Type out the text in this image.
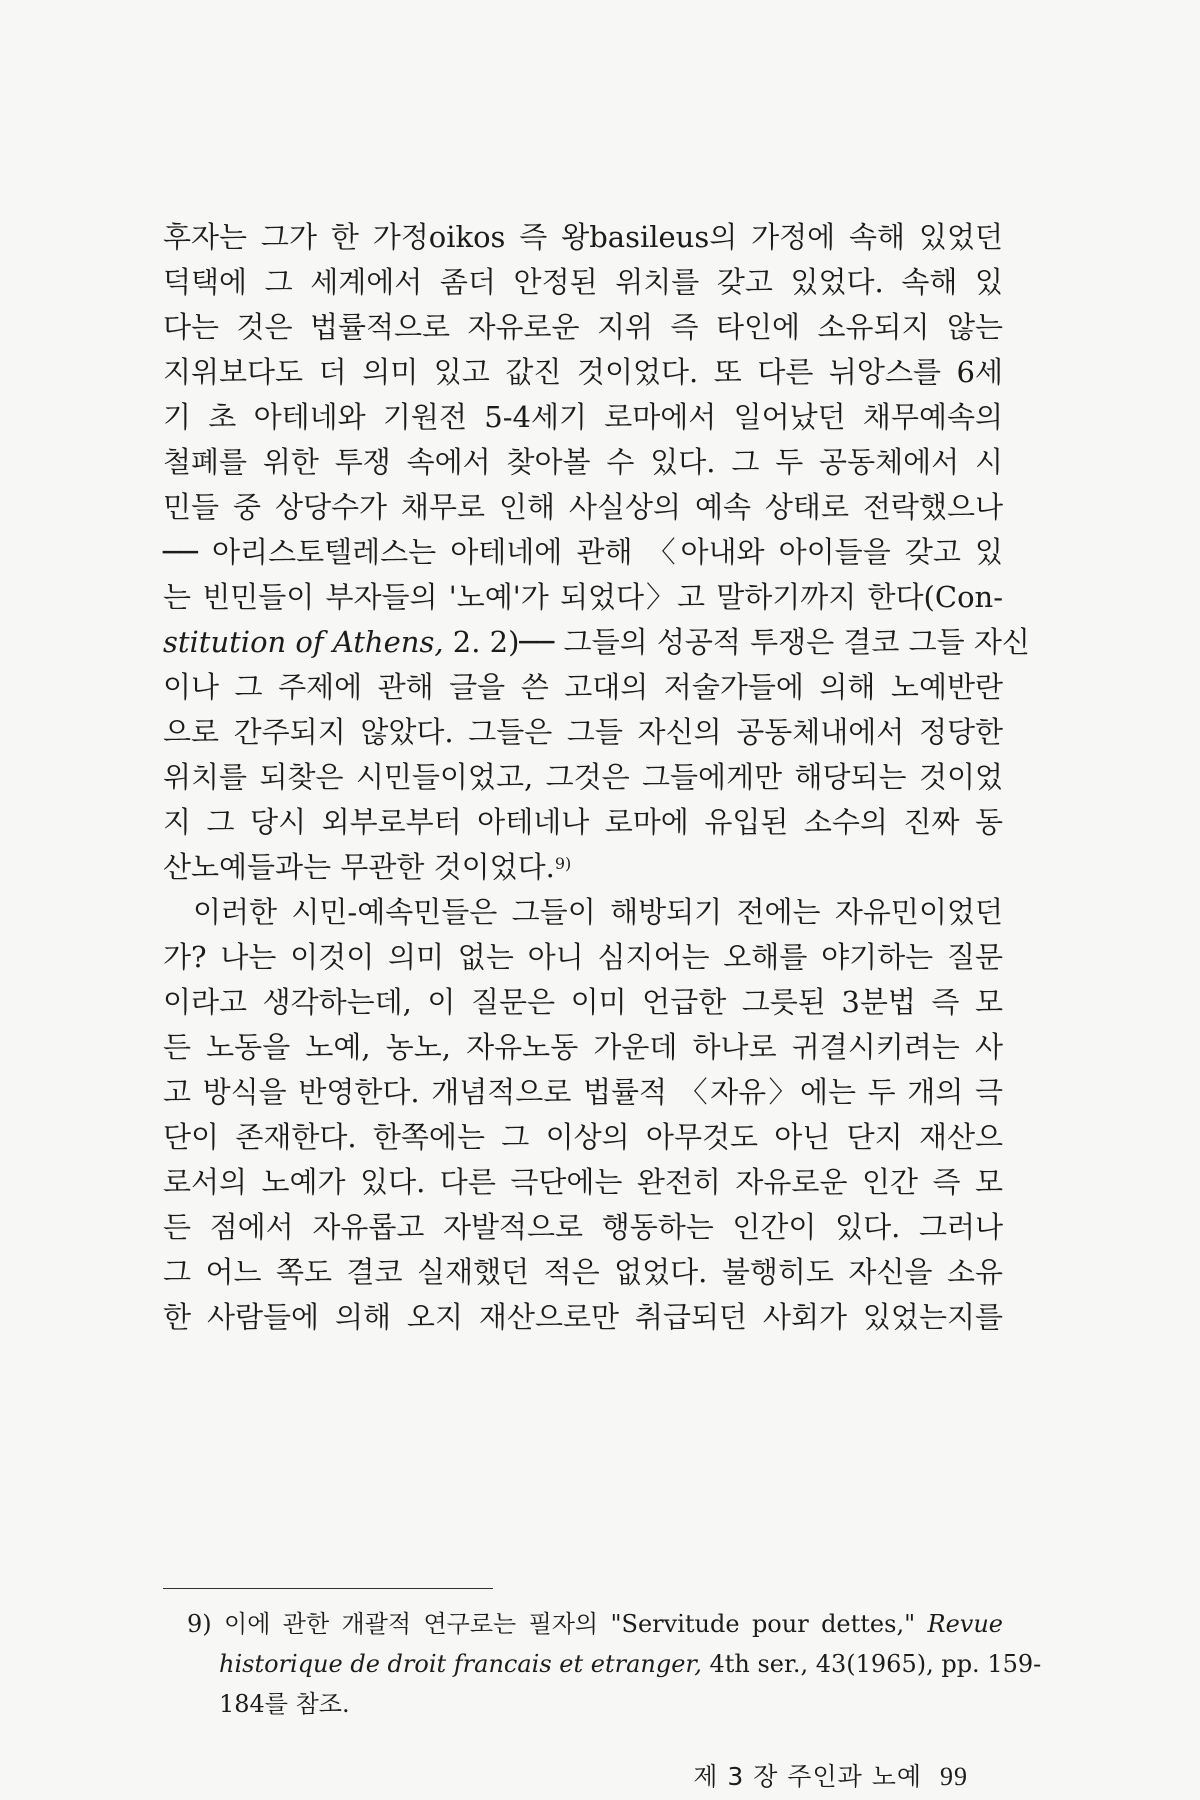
후자는 그가 한 가정oikos 즉 왕basileus의 가정에 속해 있었던
덕택에 그 세계에서 좀더 안정된 위치를 갖고 있었다. 속해 있
다는 것은 법률적으로 자유로운 지위 즉 타인에 소유되지 않는
지위보다도 더 의미 있고 값진 것이었다. 또 다른 뉘앙스를 6세
기 초 아테네와 기원전 5-4세기 로마에서 일어났던 채무예속의
철폐를 위한 투쟁 속에서 찾아볼 수 있다. 그 두 공동체에서 시
민들 중 상당수가 채무로 인해 사실상의 예속 상태로 전락했으나
── 아리스토텔레스는 아테네에 관해 〈아내와 아이들을 갖고 있
는 빈민들이 부자들의 '노예'가 되었다〉고 말하기까지 한다(Con-
stitution of Athens, 2. 2)── 그들의 성공적 투쟁은 결코 그들 자신
이나 그 주제에 관해 글을 쓴 고대의 저술가들에 의해 노예반란
으로 간주되지 않았다. 그들은 그들 자신의 공동체내에서 정당한
위치를 되찾은 시민들이었고, 그것은 그들에게만 해당되는 것이었
지 그 당시 외부로부터 아테네나 로마에 유입된 소수의 진짜 동
산노예들과는 무관한 것이었다.$^{9)}$
이러한 시민-예속민들은 그들이 해방되기 전에는 자유민이었던
가? 나는 이것이 의미 없는 아니 심지어는 오해를 야기하는 질문
이라고 생각하는데, 이 질문은 이미 언급한 그릇된 3분법 즉 모
든 노동을 노예, 농노, 자유노동 가운데 하나로 귀결시키려는 사
고 방식을 반영한다. 개념적으로 법률적 〈자유〉에는 두 개의 극
단이 존재한다. 한쪽에는 그 이상의 아무것도 아닌 단지 재산으
로서의 노예가 있다. 다른 극단에는 완전히 자유로운 인간 즉 모
든 점에서 자유롭고 자발적으로 행동하는 인간이 있다. 그러나
그 어느 쪽도 결코 실재했던 적은 없었다. 불행히도 자신을 소유
한 사람들에 의해 오지 재산으로만 취급되던 사회가 있었는지를
9) 이에 관한 개괄적 연구로는 필자의 "Servitude pour dettes," Revue
historique de droit francais et etranger, 4th ser., 43(1965), pp. 159-
184를 참조.
제 3 장 주인과 노예 99
